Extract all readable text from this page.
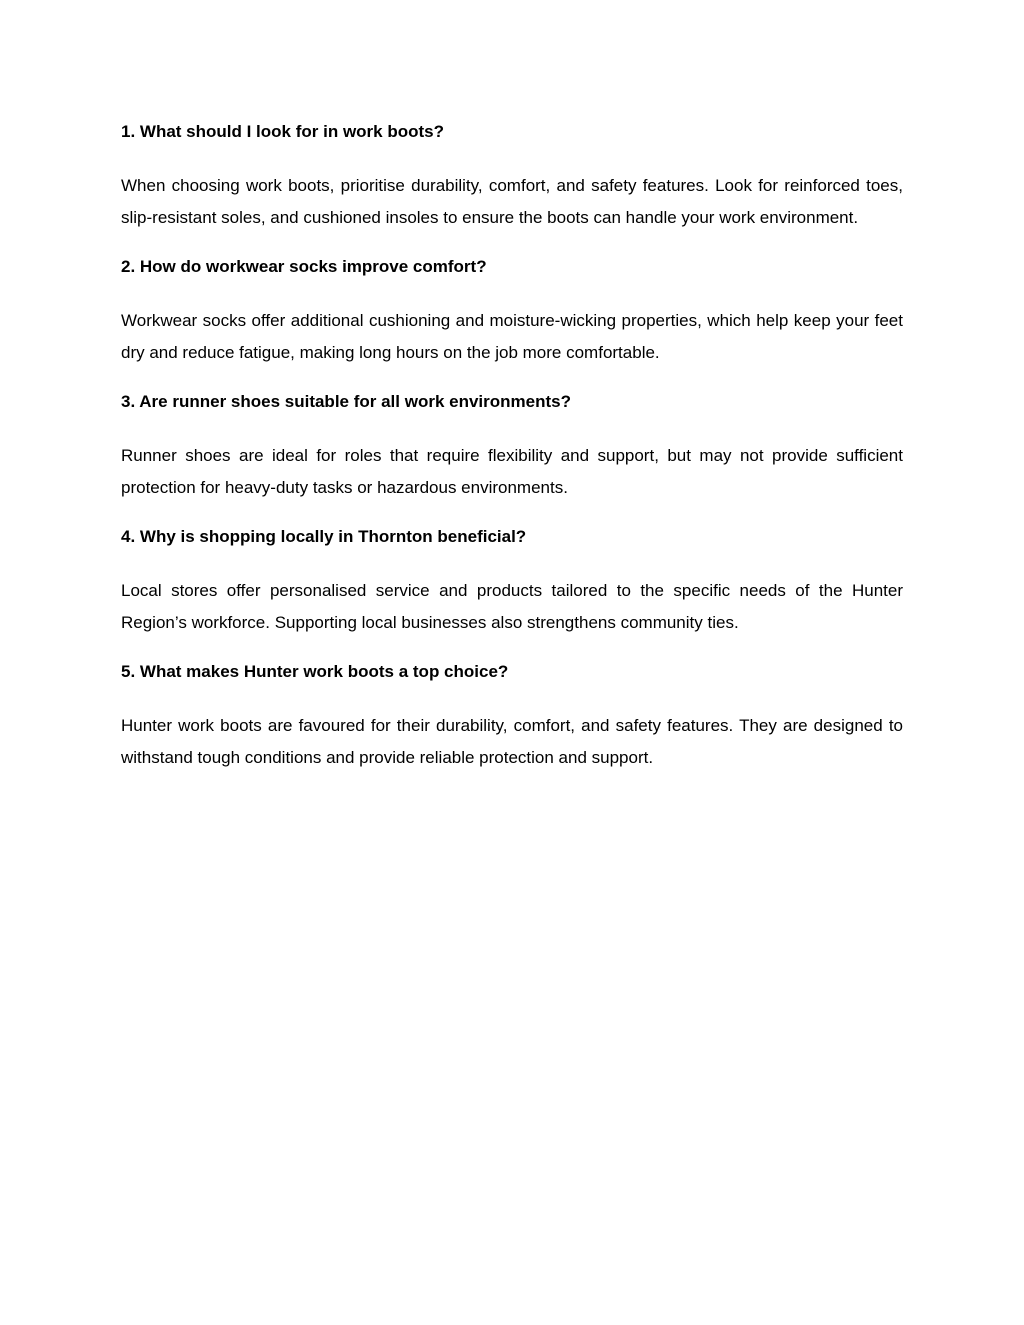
1. What should I look for in work boots?

When choosing work boots, prioritise durability, comfort, and safety features. Look for reinforced toes, slip-resistant soles, and cushioned insoles to ensure the boots can handle your work environment.

2. How do workwear socks improve comfort?

Workwear socks offer additional cushioning and moisture-wicking properties, which help keep your feet dry and reduce fatigue, making long hours on the job more comfortable.

3. Are runner shoes suitable for all work environments?

Runner shoes are ideal for roles that require flexibility and support, but may not provide sufficient protection for heavy-duty tasks or hazardous environments.

4. Why is shopping locally in Thornton beneficial?

Local stores offer personalised service and products tailored to the specific needs of the Hunter Region’s workforce. Supporting local businesses also strengthens community ties.

5. What makes Hunter work boots a top choice?

Hunter work boots are favoured for their durability, comfort, and safety features. They are designed to withstand tough conditions and provide reliable protection and support.
